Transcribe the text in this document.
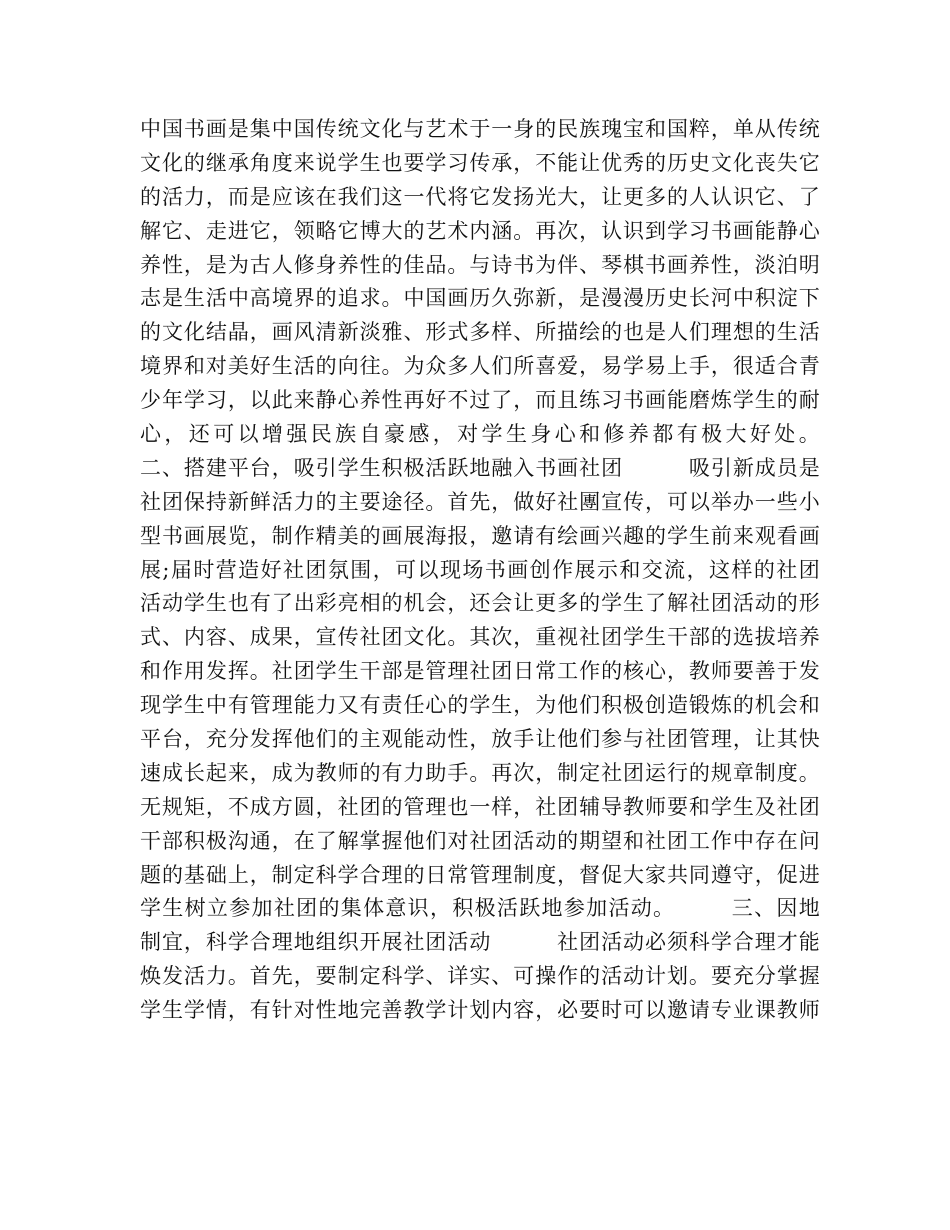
中国书画是集中国传统文化与艺术于一身的民族瑰宝和国粹，单从传统
文化的继承角度来说学生也要学习传承，不能让优秀的历史文化丧失它
的活力，而是应该在我们这一代将它发扬光大，让更多的人认识它、了
解它、走进它，领略它博大的艺术内涵。再次，认识到学习书画能静心
养性，是为古人修身养性的佳品。与诗书为伴、琴棋书画养性，淡泊明
志是生活中高境界的追求。中国画历久弥新，是漫漫历史长河中积淀下
的文化结晶，画风清新淡雅、形式多样、所描绘的也是人们理想的生活
境界和对美好生活的向往。为众多人们所喜爱，易学易上手，很适合青
少年学习，以此来静心养性再好不过了，而且练习书画能磨炼学生的耐
心，还可以增强民族自豪感，对学生身心和修养都有极大好处。
二、搭建平台，吸引学生积极活跃地融入书画社团　　　吸引新成员是
社团保持新鲜活力的主要途径。首先，做好社團宣传，可以举办一些小
型书画展览，制作精美的画展海报，邀请有绘画兴趣的学生前来观看画
展;届时营造好社团氛围，可以现场书画创作展示和交流，这样的社团
活动学生也有了出彩亮相的机会，还会让更多的学生了解社团活动的形
式、内容、成果，宣传社团文化。其次，重视社团学生干部的选拔培养
和作用发挥。社团学生干部是管理社团日常工作的核心，教师要善于发
现学生中有管理能力又有责任心的学生，为他们积极创造锻炼的机会和
平台，充分发挥他们的主观能动性，放手让他们参与社团管理，让其快
速成长起来，成为教师的有力助手。再次，制定社团运行的规章制度。
无规矩，不成方圆，社团的管理也一样，社团辅导教师要和学生及社团
干部积极沟通，在了解掌握他们对社团活动的期望和社团工作中存在问
题的基础上，制定科学合理的日常管理制度，督促大家共同遵守，促进
学生树立参加社团的集体意识，积极活跃地参加活动。　　　三、因地
制宜，科学合理地组织开展社团活动　　　社团活动必须科学合理才能
焕发活力。首先，要制定科学、详实、可操作的活动计划。要充分掌握
学生学情，有针对性地完善教学计划内容，必要时可以邀请专业课教师
